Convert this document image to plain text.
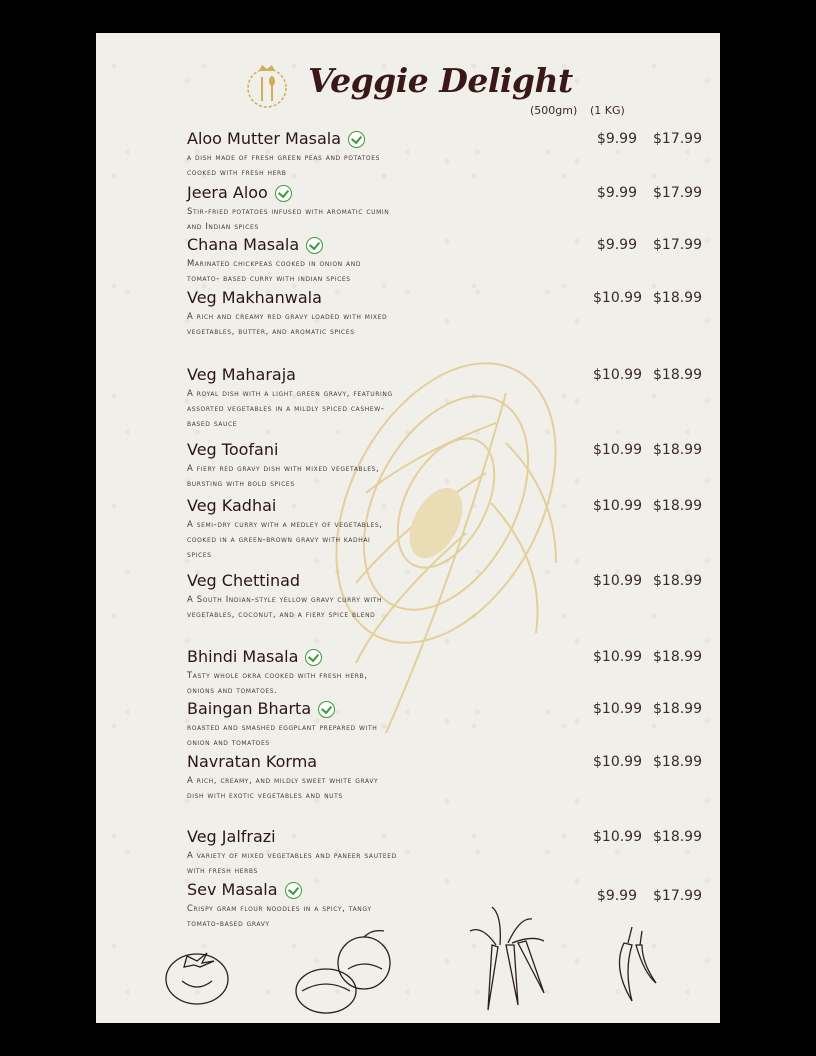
Veggie Delight
(500gm) (1 KG)
Aloo Mutter Masala
a dish made of fresh green peas and potatoes cooked with fresh herb
$9.99 $17.99
Jeera Aloo
Stir-fried potatoes infused with aromatic cumin and Indian spices
$9.99 $17.99
Chana Masala
Marinated chickpeas cooked in onion and tomato- based curry with indian spices
$9.99 $17.99
Veg Makhanwala
A rich and creamy red gravy loaded with mixed vegetables, butter, and aromatic spices
$10.99 $18.99
Veg Maharaja
A royal dish with a light green gravy, featuring assorted vegetables in a mildly spiced cashew-based sauce
$10.99 $18.99
Veg Toofani
A fiery red gravy dish with mixed vegetables, bursting with bold spices
$10.99 $18.99
Veg Kadhai
A semi-dry curry with a medley of vegetables, cooked in a green-brown gravy with kadhai spices
$10.99 $18.99
Veg Chettinad
A South Indian-style yellow gravy curry with vegetables, coconut, and a fiery spice blend
$10.99 $18.99
Bhindi Masala
Tasty whole okra cooked with fresh herb, onions and tomatoes.
$10.99 $18.99
Baingan Bharta
roasted and smashed eggplant prepared with onion and tomatoes
$10.99 $18.99
Navratan Korma
A rich, creamy, and mildly sweet white gravy dish with exotic vegetables and nuts
$10.99 $18.99
Veg Jalfrazi
A variety of mixed vegetables and paneer sauteed with fresh herbs
$10.99 $18.99
Sev Masala
Crispy gram flour noodles in a spicy, tangy tomato-based gravy
$9.99 $17.99
